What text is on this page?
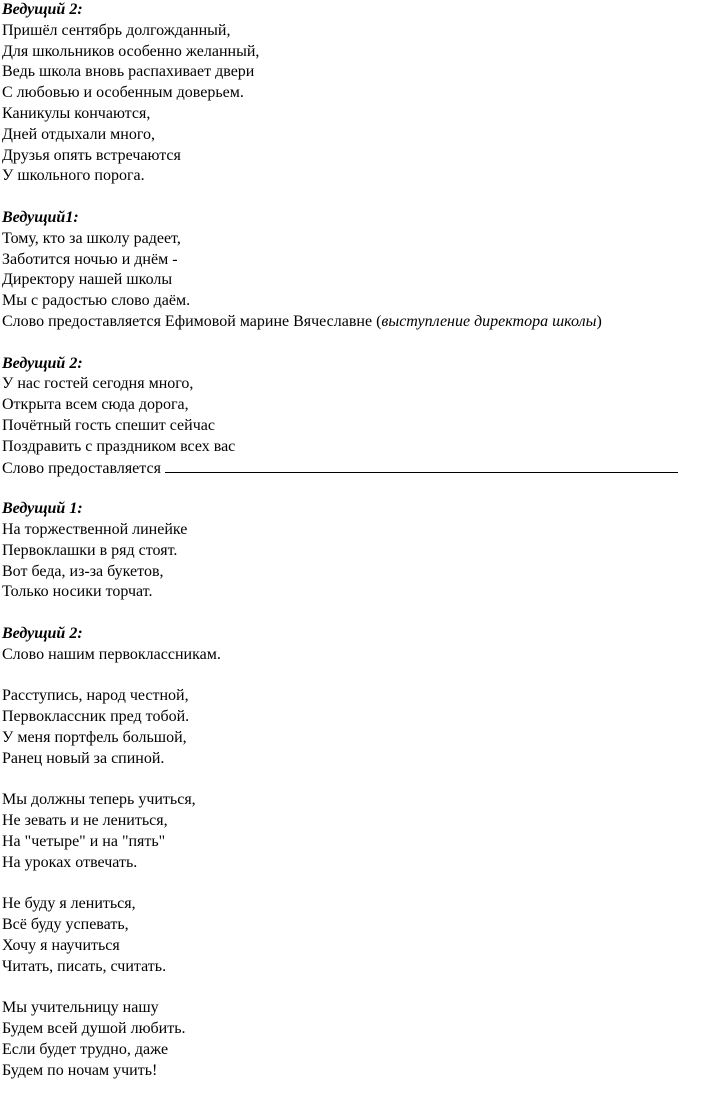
Ведущий 2:
Пришёл сентябрь долгожданный,
Для школьников особенно желанный,
Ведь школа вновь распахивает двери
С любовью и особенным доверьем.
Каникулы кончаются,
Дней отдыхали много,
Друзья опять встречаются
У школьного порога.
Ведущий1:
Тому, кто за школу радеет,
Заботится ночью и днём -
Директору нашей школы
Мы с радостью слово даём.
Слово предоставляется Ефимовой марине Вячеславне (выступление директора школы)
Ведущий 2:
У нас гостей сегодня много,
Открыта всем сюда дорога,
Почётный гость спешит сейчас
Поздравить с праздником всех вас
Слово предоставляется
Ведущий 1:
На торжественной линейке
Первоклашки в ряд стоят.
Вот беда, из-за букетов,
Только носики торчат.
Ведущий 2:
Слово нашим первоклассникам.
Расступись, народ честной,
Первоклассник пред тобой.
У меня портфель большой,
Ранец новый за спиной.
Мы должны теперь учиться,
Не зевать и не лениться,
На "четыре" и на "пять"
На уроках отвечать.
Не буду я лениться,
Всё буду успевать,
Хочу я научиться
Читать, писать, считать.
Мы учительницу нашу
Будем всей душой любить.
Если будет трудно, даже
Будем по ночам учить!
